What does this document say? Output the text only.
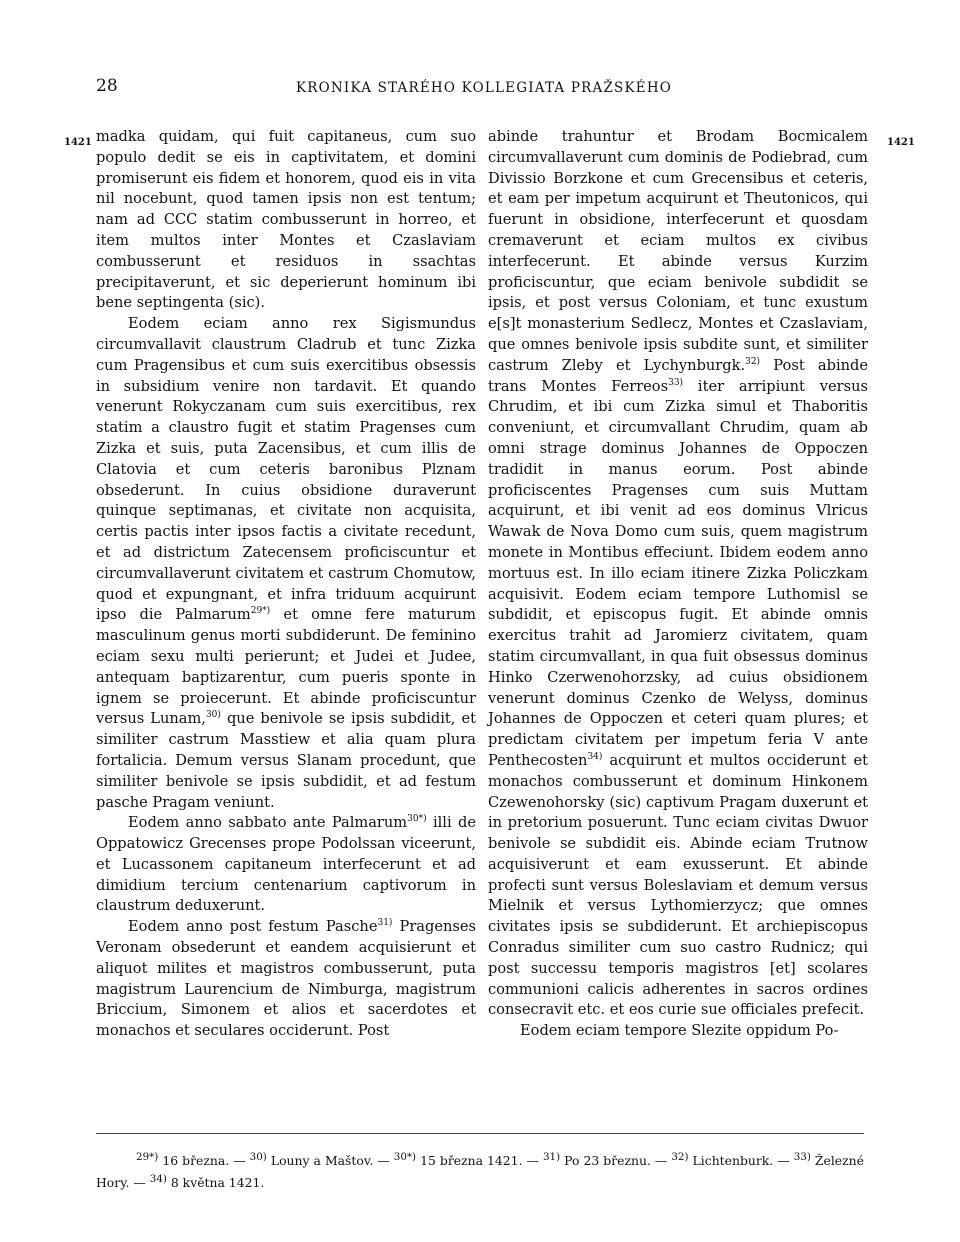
28	KRONIKA STARÉHO KOLLEGIATA PRAŽSKÉHO
1421	1421

madka quidam, qui fuit capitaneus, cum suo populo dedit se eis in captivitatem, et domini promiserunt eis fidem et honorem, quod eis in vita nil nocebunt, quod tamen ipsis non est tentum; nam ad CCC statim combusserunt in horreo, et item multos inter Montes et Czaslaviam combusserunt et residuos in ssachtas precipitaverunt, et sic deperierunt hominum ibi bene septingenta (sic).

Eodem eciam anno rex Sigismundus circumvallavit claustrum Cladrub et tunc Zizka cum Pragensibus et cum suis exercitibus obsessis in subsidium venire non tardavit. Et quando venerunt Rokyczanam cum suis exercitibus, rex statim a claustro fugit et statim Pragenses cum Zizka et suis, puta Zacensibus, et cum illis de Clatovia et cum ceteris baronibus Plznam obsederunt. In cuius obsidione duraverunt quinque septimanas, et civitate non acquisita, certis pactis inter ipsos factis a civitate recedunt, et ad districtum Zatecensem proficiscuntur et circumvallaverunt civitatem et castrum Chomutow, quod et expungnant, et infra triduum acquirunt ipso die Palmarum$^{29*)}$ et omne fere maturum masculinum genus morti subdiderunt. De feminino eciam sexu multi perierunt; et Judei et Judee, antequam baptizarentur, cum pueris sponte in ignem se proiecerunt. Et abinde proficiscuntur versus Lunam,$^{30)}$ que benivole se ipsis subdidit, et similiter castrum Masstiew et alia quam plura fortalicia. Demum versus Slanam procedunt, que similiter benivole se ipsis subdidit, et ad festum pasche Pragam veniunt.

Eodem anno sabbato ante Palmarum$^{30*)}$ illi de Oppatowicz Grecenses prope Podolssan viceerunt, et Lucassonem capitaneum interfecerunt et ad dimidium tercium centenarium captivorum in claustrum deduxerunt.

Eodem anno post festum Pasche$^{31)}$ Pragenses Veronam obsederunt et eandem acquisierunt et aliquot milites et magistros combusserunt, puta magistrum Laurencium de Nimburga, magistrum Briccium, Simonem et alios et sacerdotes et monachos et seculares occiderunt. Post

abinde trahuntur et Brodam Bocmicalem circumvallaverunt cum dominis de Podiebrad, cum Divissio Borzkone et cum Grecensibus et ceteris, et eam per impetum acquirunt et Theutonicos, qui fuerunt in obsidione, interfecerunt et quosdam cremaverunt et eciam multos ex civibus interfecerunt. Et abinde versus Kurzim proficiscuntur, que eciam benivole subdidit se ipsis, et post versus Coloniam, et tunc exustum e[s]t monasterium Sedlecz, Montes et Czaslaviam, que omnes benivole ipsis subdite sunt, et similiter castrum Zleby et Lychynburgk.$^{32)}$ Post abinde trans Montes Ferreos$^{33)}$ iter arripiunt versus Chrudim, et ibi cum Zizka simul et Thaboritis conveniunt, et circumvallant Chrudim, quam ab omni strage dominus Johannes de Oppoczen tradidit in manus eorum. Post abinde proficiscentes Pragenses cum suis Muttam acquirunt, et ibi venit ad eos dominus Vlricus Wawak de Nova Domo cum suis, quem magistrum monete in Montibus effeciunt. Ibidem eodem anno mortuus est. In illo eciam itinere Zizka Policzkam acquisivit. Eodem eciam tempore Luthomisl se subdidit, et episcopus fugit. Et abinde omnis exercitus trahit ad Jaromierz civitatem, quam statim circumvallant, in qua fuit obsessus dominus Hinko Czerwenohorzsky, ad cuius obsidionem venerunt dominus Czenko de Welyss, dominus Johannes de Oppoczen et ceteri quam plures; et predictam civitatem per impetum feria V ante Penthecosten$^{34)}$ acquirunt et multos occiderunt et monachos combusserunt et dominum Hinkonem Czewenohorsky (sic) captivum Pragam duxerunt et in pretorium posuerunt. Tunc eciam civitas Dwuor benivole se subdidit eis. Abinde eciam Trutnow acquisiverunt et eam exusserunt. Et abinde profecti sunt versus Boleslaviam et demum versus Mielnik et versus Lythomierzycz; que omnes civitates ipsis se subdiderunt. Et archiepiscopus Conradus similiter cum suo castro Rudnicz; qui post successu temporis magistros [et] scolares communioni calicis adherentes in sacros ordines consecravit etc. et eos curie sue officiales prefecit.

Eodem eciam tempore Slezite oppidum Po-

$^{29*)}$ 16 března. — $^{30)}$ Louny a Maštov. — $^{30*)}$ 15 března 1421. — $^{31)}$ Po 23 březnu. — $^{32)}$ Lichtenburk. — $^{33)}$ Železné Hory. — $^{34)}$ 8 května 1421.
